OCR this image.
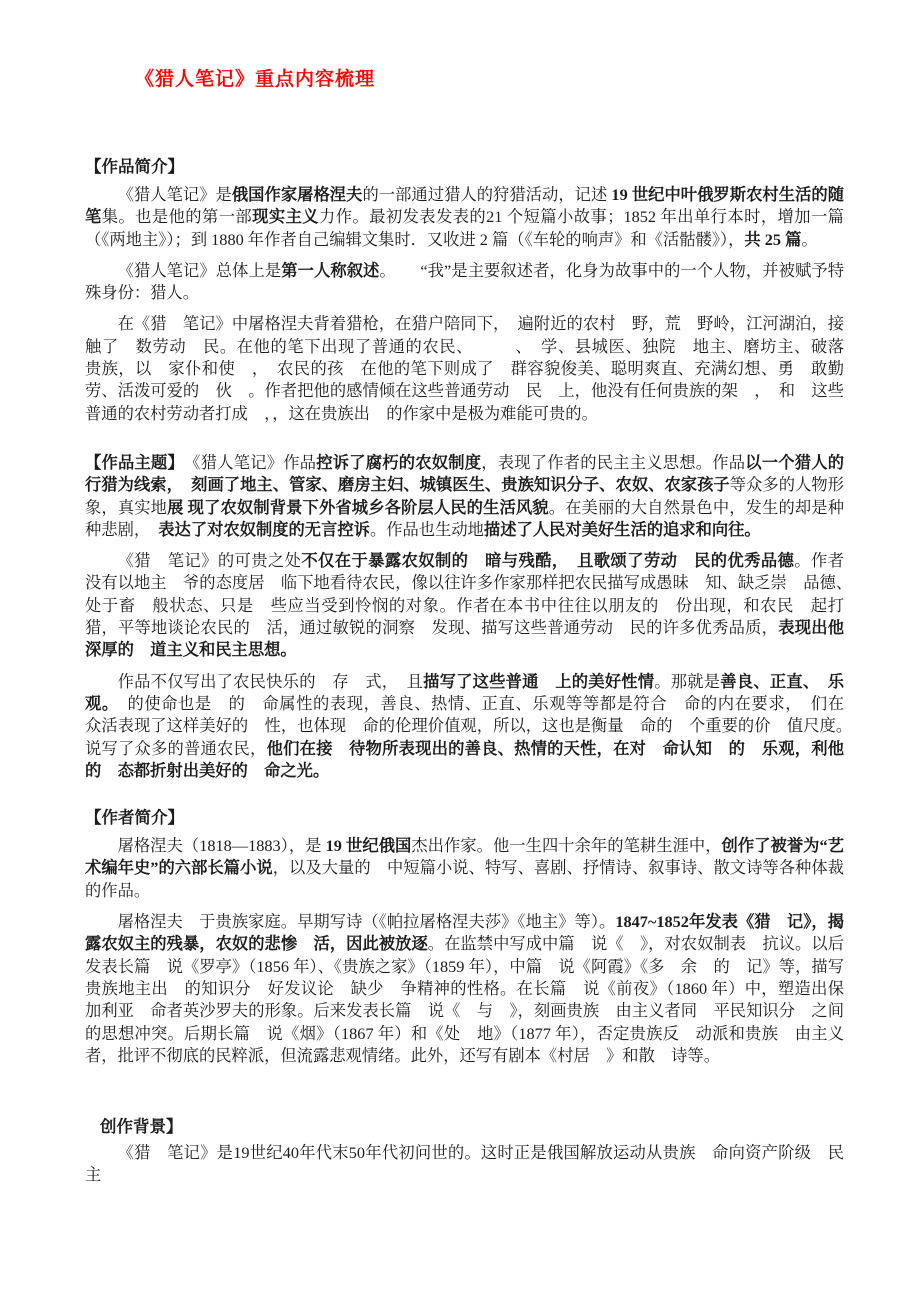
《猎人笔记》重点内容梳理
【作品简介】

《猎人笔记》是俄国作家屠格涅夫的一部通过猎人的狩猎活动，记述 19 世纪中叶俄罗斯农村生活的随笔集。也是他的第一部现实主义力作。最初发表发表的21 个短篇小故事；1852 年出单行本时，增加一篇（《两地主》）；到 1880 年作者自己编辑文集时．又收进 2 篇（《车轮的响声》和《活骷髅》），共 25 篇。

《猎人笔记》总体上是第一人称叙述。　　“我”是主要叙述者，化身为故事中的一个人物，并被赋予特殊身份：猎人。

在《猎　笔记》中屠格涅夫背着猎枪，在猎户陪同下，　遍附近的农村　野，荒　野岭，江河湖泊，接触了　数劳动　民。在他的笔下出现了普通的农民、　　　、　学、县城医、独院　地主、磨坊主、破落　贵族，以　家仆和使　，　农民的孩　在他的笔下则成了　群容貌俊美、聪明爽直、充满幻想、勇　敢勤劳、活泼可爱的　伙　。作者把他的感情倾在这些普通劳动　民　上，他没有任何贵族的架　，　和　这些普通的农村劳动者打成　，，这在贵族出　的作家中是极为难能可贵的。

【作品主题】　《猎人笔记》作品控诉了腐朽的农奴制度，表现了作者的民主主义思想。作品以一个猎人的行猎为线索，　 刻画了地主、管家、磨房主妇、城镇医生、贵族知识分子、农奴、农家孩子等众多的人物形象，真实地展 现了农奴制背景下外省城乡各阶层人民的生活风貌。在美丽的大自然景色中，发生的却是种种悲剧，　表达了对农奴制度的无言控诉。作品也生动地描述了人民对美好生活的追求和向往。

《猎　笔记》的可贵之处不仅在于暴露农奴制的　暗与残酷，　且歌颂了劳动　民的优秀品德。作者　没有以地主　爷的态度居　临下地看待农民，像以往许多作家那样把农民描写成愚昧　知、缺乏崇　品德、　处于畜　般状态、只是　些应当受到怜悯的对象。作者在本书中往往以朋友的　份出现，和农民　起打　猎，平等地谈论农民的　活，通过敏锐的洞察　发现、描写这些普通劳动　民的许多优秀品质，表现出他　深厚的　道主义和民主思想。

作品不仅写出了农民快乐的　存　式，　且描写了这些普通　上的美好性情。那就是善良、正直、　乐观。　的使命也是　的　命属性的表现，善良、热情、正直、乐观等等都是符合　命的内在要求，　们在　众活表现了这样美好的　性，也体现　命的伦理价值观，所以，这也是衡量　命的　个重要的价　值尺度。　说写了众多的普通农民，他们在接　待物所表现出的善良、热情的天性，在对　命认知　的　乐观，利他的　态都折射出美好的　命之光。

【作者简介】

屠格涅夫（1818—1883），是 19 世纪俄国杰出作家。他一生四十余年的笔耕生涯中，创作了被誉为“艺术编年史”的六部长篇小说，以及大量的　中短篇小说、特写、喜剧、抒情诗、叙事诗、散文诗等各种体裁的作品。

屠格涅夫　于贵族家庭。早期写诗（《帕拉屠格涅夫莎》《地主》等）。1847~1852年发表《猎　记》，揭露农奴主的残暴，农奴的悲惨　活，因此被放逐。在监禁中写成中篇　说《　》，对农奴制表　抗议。以后　发表长篇　说《罗亭》（1856 年）、《贵族之家》（1859 年），中篇　说《阿霞》《多　余　的　记》等，描写贵族地主出　的知识分　好发议论　缺少　争精神的性格。在长篇　说《前夜》（1860 年）中，塑造出保加利亚　命者英沙罗夫的形象。后来发表长篇　说《　与　》，刻画贵族　由主义者同　平民知识分　之间的思想冲突。后期长篇　说《烟》（1867 年）和《处　地》（1877 年），否定贵族反　动派和贵族　由主义者，批评不彻底的民粹派，但流露悲观情绪。此外，还写有剧本《村居　》和散　诗等。

创作背景】

《猎　笔记》是19世纪40年代末50年代初问世的。这时正是俄国解放运动从贵族　命向资产阶级　民主
